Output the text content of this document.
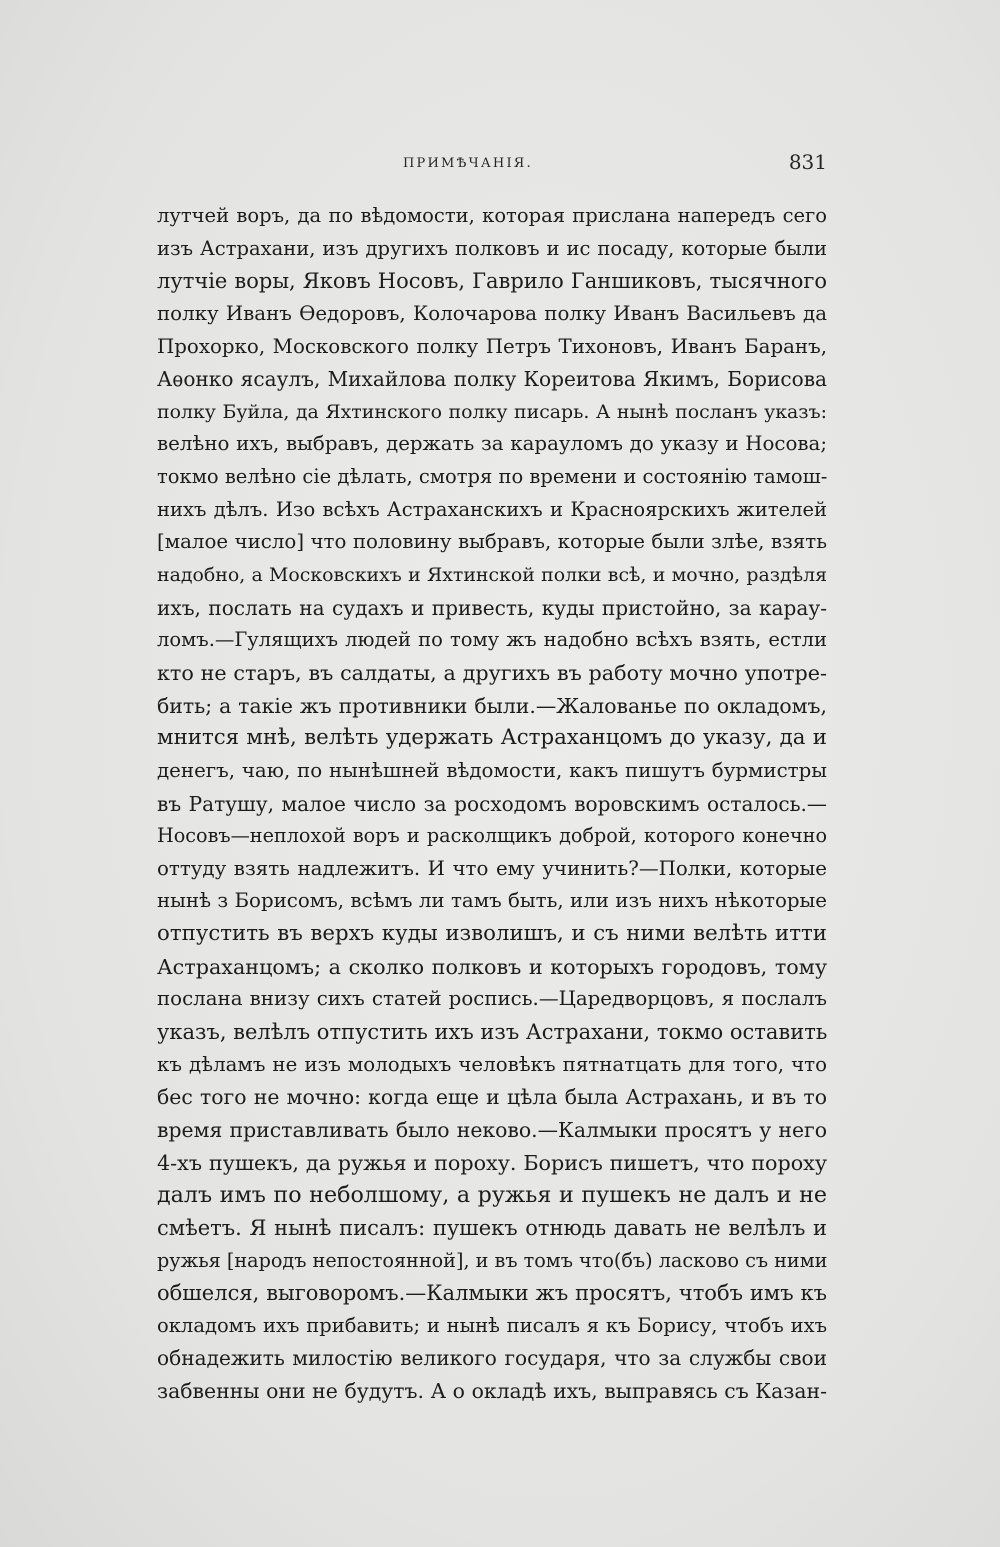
ПРИМѢЧАНІЯ.	831
лутчей воръ, да по вѣдомости, которая прислана напередъ сего
изъ Астрахани, изъ другихъ полковъ и ис посаду, которые были
лутчіе воры, Яковъ Носовъ, Гаврило Ганшиковъ, тысячного
полку Иванъ Ѳедоровъ, Колочарова полку Иванъ Васильевъ да
Прохорко, Московского полку Петръ Тихоновъ, Иванъ Баранъ,
Аѳонко ясаулъ, Михайлова полку Кореитова Якимъ, Борисова
полку Буйла, да Яхтинского полку писарь. А нынѣ посланъ указъ:
велѣно ихъ, выбравъ, держать за карауломъ до указу и Носова;
токмо велѣно сіе дѣлать, смотря по времени и состоянію тамош-
нихъ дѣлъ. Изо всѣхъ Астраханскихъ и Красноярскихъ жителей
[малое число] что половину выбравъ, которые были злѣе, взять
надобно, а Московскихъ и Яхтинской полки всѣ, и мочно, раздѣля
ихъ, послать на судахъ и привесть, куды пристойно, за карау-
ломъ.—Гулящихъ людей по тому жъ надобно всѣхъ взять, естли
кто не старъ, въ салдаты, а другихъ въ работу мочно употре-
бить; а такіе жъ противники были.—Жалованье по окладомъ,
мнится мнѣ, велѣть удержать Астраханцомъ до указу, да и
денегъ, чаю, по нынѣшней вѣдомости, какъ пишутъ бурмистры
въ Ратушу, малое число за росходомъ воровскимъ осталось.—
Носовъ—неплохой воръ и расколщикъ доброй, которого конечно
оттуду взять надлежитъ. И что ему учинить?—Полки, которые
нынѣ з Борисомъ, всѣмъ ли тамъ быть, или изъ нихъ нѣкоторые
отпустить въ верхъ куды изволишъ, и съ ними велѣть итти
Астраханцомъ; а сколко полковъ и которыхъ городовъ, тому
послана внизу сихъ статей роспись.—Царедворцовъ, я послалъ
указъ, велѣлъ отпустить ихъ изъ Астрахани, токмо оставить
къ дѣламъ не изъ молодыхъ человѣкъ пятнатцать для того, что
бес того не мочно: когда еще и цѣла была Астрахань, и въ то
время приставливать было неково.—Калмыки просятъ у него
4-хъ пушекъ, да ружья и пороху. Борисъ пишетъ, что пороху
далъ имъ по неболшому, а ружья и пушекъ не далъ и не
смѣетъ. Я нынѣ писалъ: пушекъ отнюдь давать не велѣлъ и
ружья [народъ непостоянной], и въ томъ что(бъ) ласково съ ними
обшелся, выговоромъ.—Калмыки жъ просятъ, чтобъ имъ къ
окладомъ ихъ прибавить; и нынѣ писалъ я къ Борису, чтобъ ихъ
обнадежить милостію великого государя, что за службы свои
забвенны они не будутъ. А о окладѣ ихъ, выправясь съ Казан-
